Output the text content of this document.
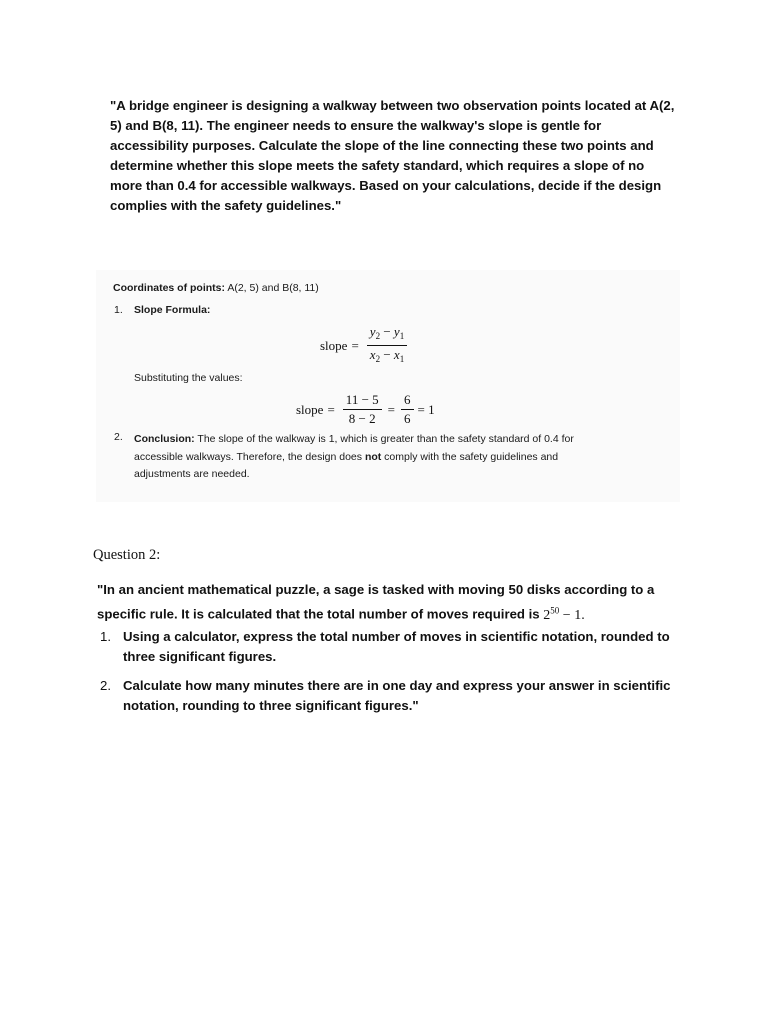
"A bridge engineer is designing a walkway between two observation points located at A(2, 5) and B(8, 11). The engineer needs to ensure the walkway's slope is gentle for accessibility purposes. Calculate the slope of the line connecting these two points and determine whether this slope meets the safety standard, which requires a slope of no more than 0.4 for accessible walkways. Based on your calculations, decide if the design complies with the safety guidelines."
Coordinates of points: A(2, 5) and B(8, 11)
1. Slope Formula:
slope = $\frac{y_2 - y_1}{x_2 - x_1}$
Substituting the values:
slope = $\frac{11 - 5}{8 - 2} = \frac{6}{6} = 1$
2. Conclusion: The slope of the walkway is 1, which is greater than the safety standard of 0.4 for accessible walkways. Therefore, the design does not comply with the safety guidelines and adjustments are needed.
Question 2:
"In an ancient mathematical puzzle, a sage is tasked with moving 50 disks according to a specific rule. It is calculated that the total number of moves required is $2^{50} - 1$.
1. Using a calculator, express the total number of moves in scientific notation, rounded to three significant figures.
2. Calculate how many minutes there are in one day and express your answer in scientific notation, rounding to three significant figures."
